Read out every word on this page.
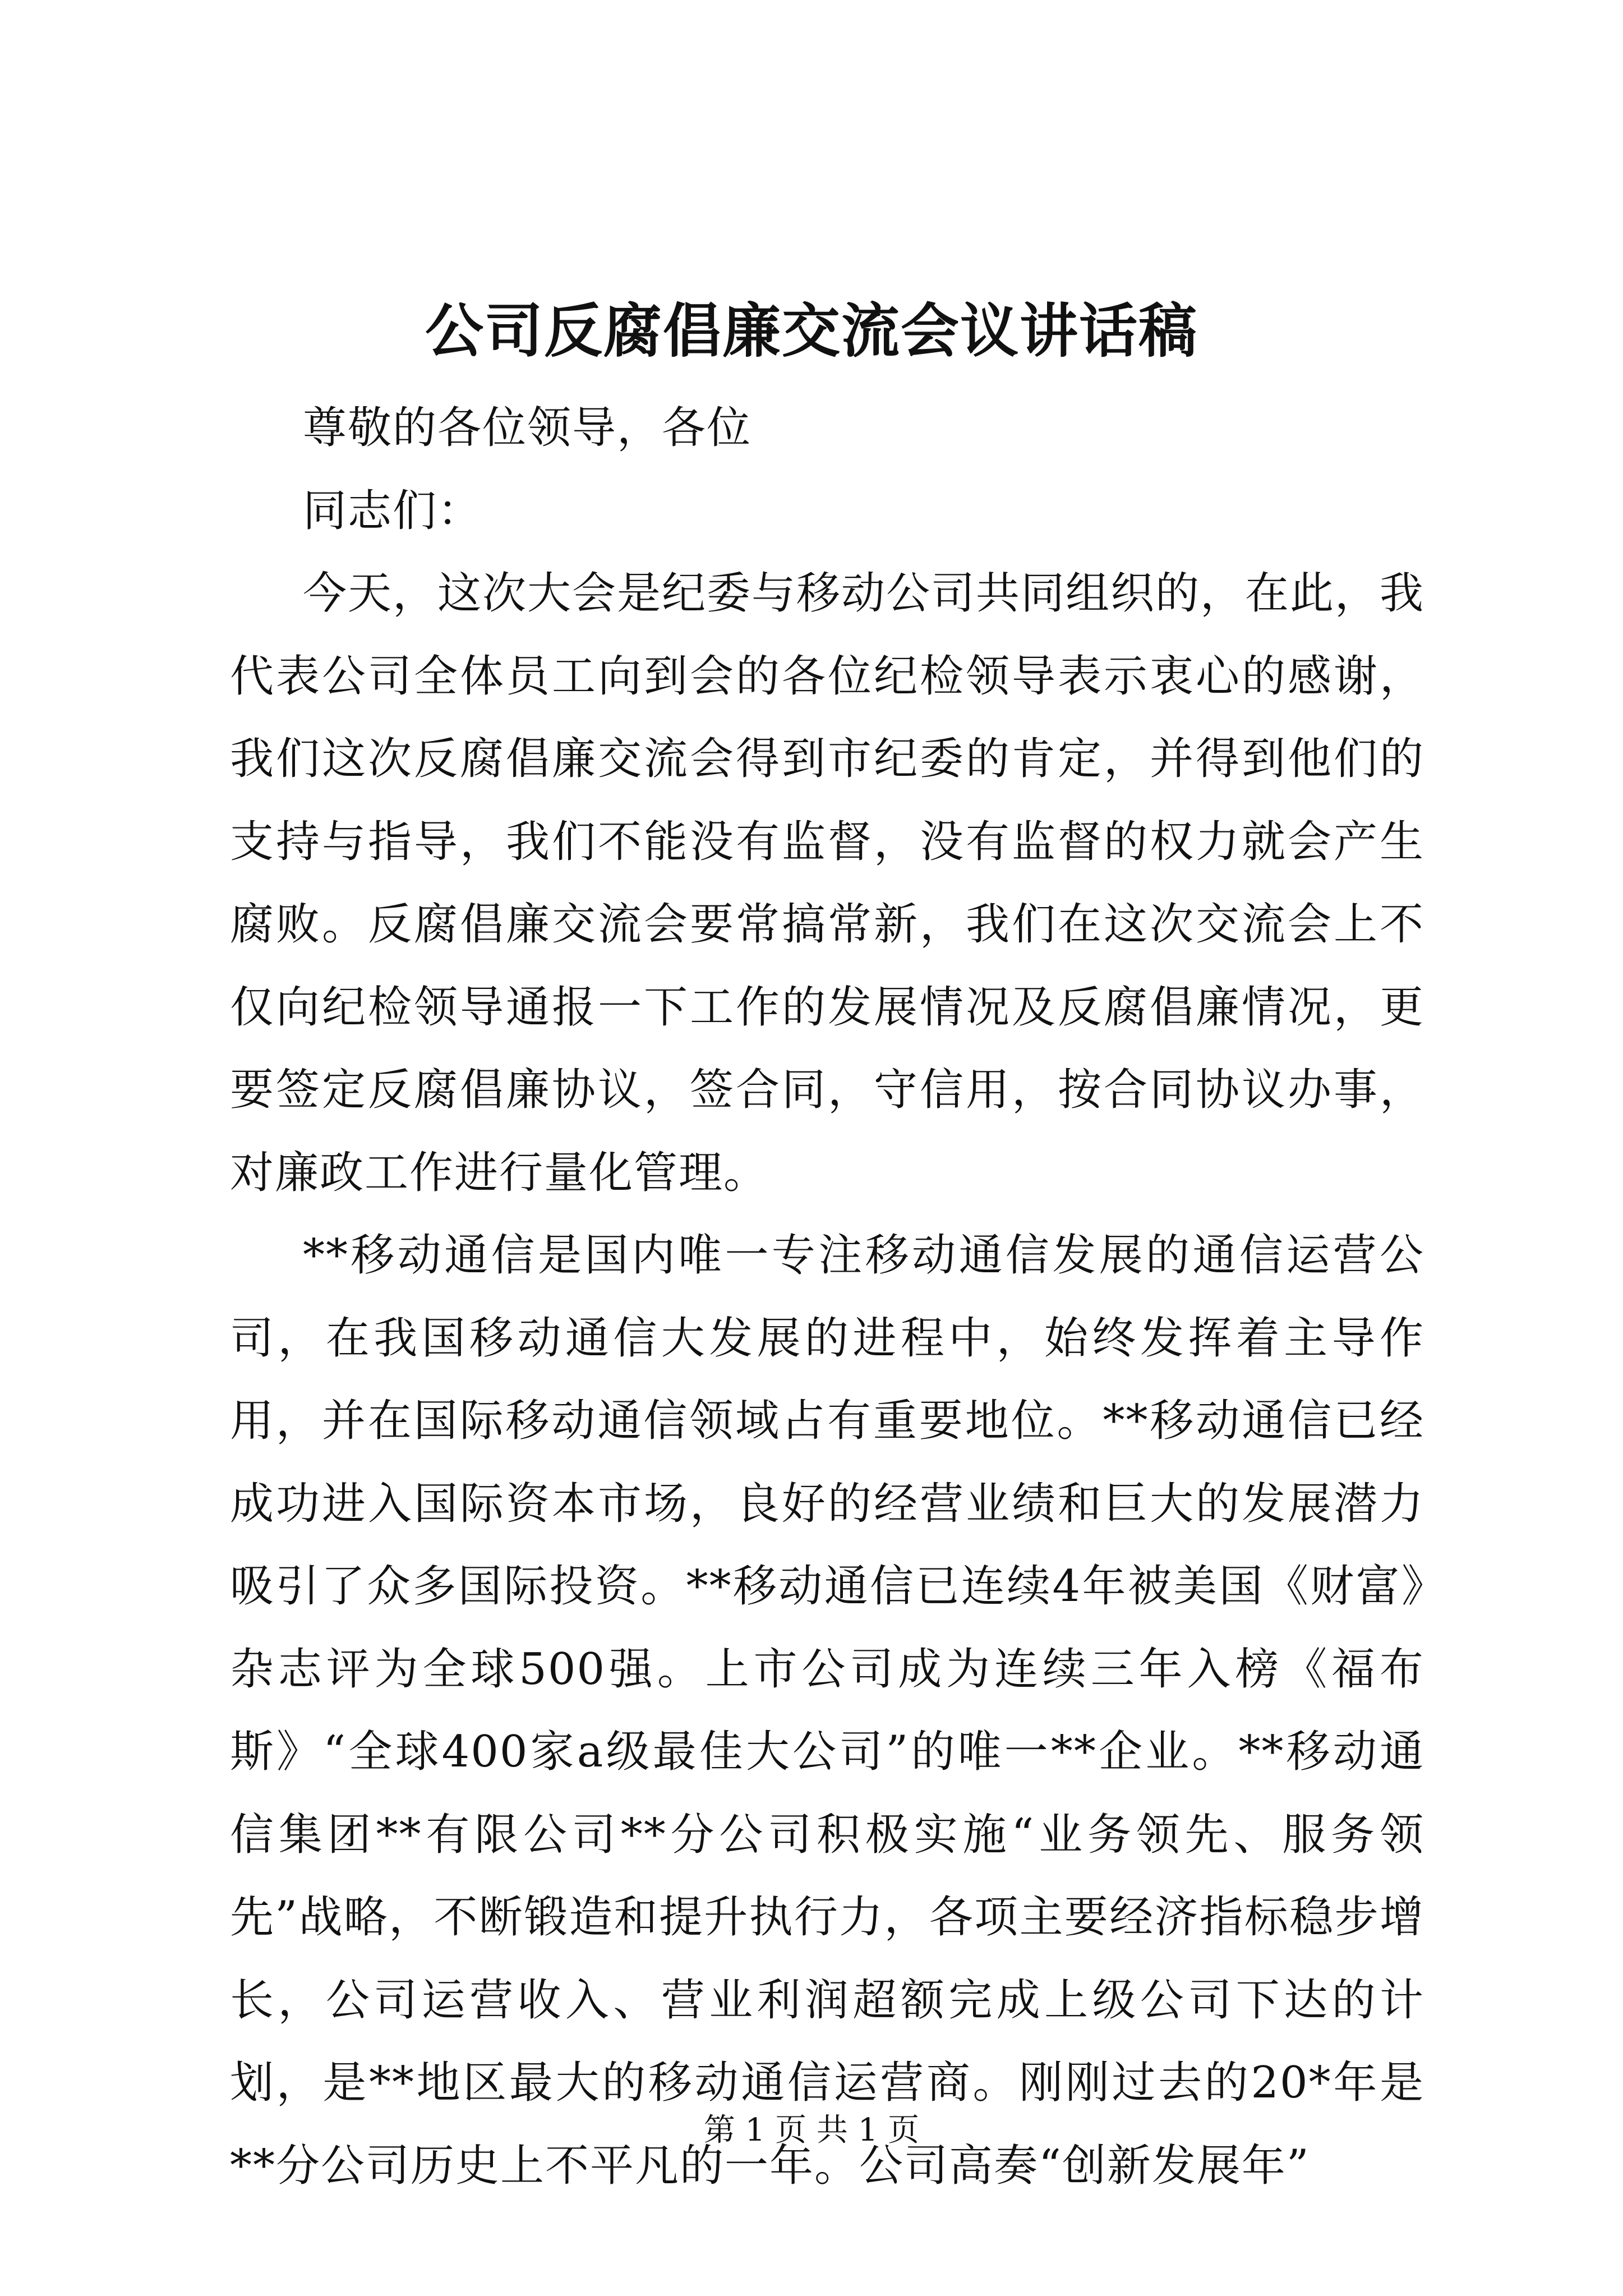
公司反腐倡廉交流会议讲话稿

尊敬的各位领导，各位

同志们：

今天，这次大会是纪委与移动公司共同组织的，在此，我代表公司全体员工向到会的各位纪检领导表示衷心的感谢，我们这次反腐倡廉交流会得到市纪委的肯定，并得到他们的支持与指导，我们不能没有监督，没有监督的权力就会产生腐败。反腐倡廉交流会要常搞常新，我们在这次交流会上不仅向纪检领导通报一下工作的发展情况及反腐倡廉情况，更要签定反腐倡廉协议，签合同，守信用，按合同协议办事，对廉政工作进行量化管理。

**移动通信是国内唯一专注移动通信发展的通信运营公司，在我国移动通信大发展的进程中，始终发挥着主导作用，并在国际移动通信领域占有重要地位。**移动通信已经成功进入国际资本市场，良好的经营业绩和巨大的发展潜力吸引了众多国际投资。**移动通信已连续4年被美国《财富》杂志评为全球500强。上市公司成为连续三年入榜《福布斯》“全球400家a级最佳大公司”的唯一**企业。**移动通信集团**有限公司**分公司积极实施“业务领先、服务领先”战略，不断锻造和提升执行力，各项主要经济指标稳步增长，公司运营收入、营业利润超额完成上级公司下达的计划，是**地区最大的移动通信运营商。刚刚过去的20*年是**分公司历史上不平凡的一年。公司高奏“创新发展年”

第 1 页 共 1 页
